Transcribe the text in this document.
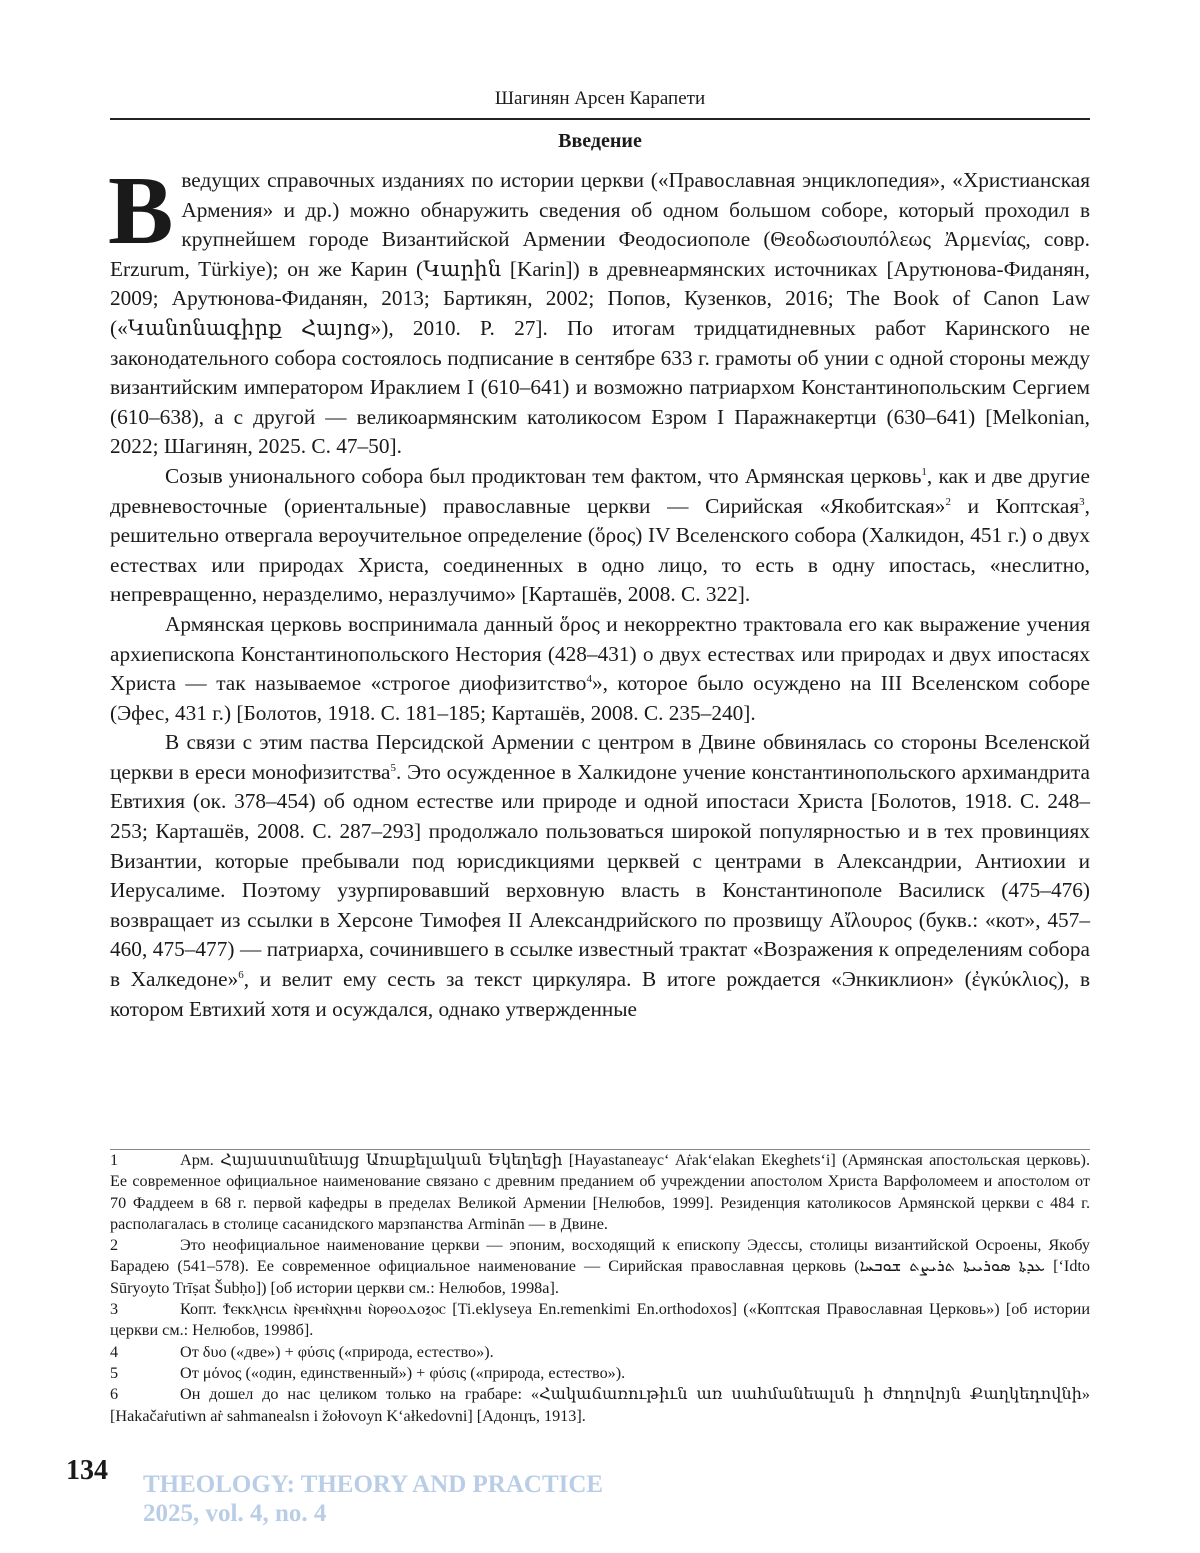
Шагинян Арсен Карапети
Введение

В ведущих справочных изданиях по истории церкви («Православная энциклопедия», «Христианская Армения» и др.) можно обнаружить сведения об одном большом соборе, который проходил в крупнейшем городе Византийской Армении Феодосиополе (Θεοδωσιουπόλεως Ἀρμενίας, совр. Erzurum, Türkiye); он же Карин (Կարին [Karin]) в древнеармянских источниках [Арутюнова-Фиданян, 2009; Арутюнова-Фиданян, 2013; Бартикян, 2002; Попов, Кузенков, 2016; The Book of Canon Law («Կանոնագիրք Հայոց»), 2010. P. 27]. По итогам тридцатидневных работ Каринского не законодательного собора состоялось подписание в сентябре 633 г. грамоты об унии с одной стороны между византийским императором Ираклием I (610–641) и возможно патриархом Константинопольским Сергием (610–638), а с другой — великоармянским католикосом Езром I Паражнакертци (630–641) [Melkonian, 2022; Шагинян, 2025. С. 47–50].

Созыв унионального собора был продиктован тем фактом, что Армянская церковь1, как и две другие древневосточные (ориентальные) православные церкви — Сирийская «Якобитская»2 и Коптская3, решительно отвергала вероучительное определение (ὅρος) IV Вселенского собора (Халкидон, 451 г.) о двух естествах или природах Христа, соединенных в одно лицо, то есть в одну ипостась, «неслитно, непревращенно, неразделимо, неразлучимо» [Карташёв, 2008. С. 322].

Армянская церковь воспринимала данный ὅρος и некорректно трактовала его как выражение учения архиепископа Константинопольского Нестория (428–431) о двух естествах или природах и двух ипостасях Христа — так называемое «строгое диофизитство4», которое было осуждено на III Вселенском соборе (Эфес, 431 г.) [Болотов, 1918. С. 181–185; Карташёв, 2008. С. 235–240].

В связи с этим паства Персидской Армении с центром в Двине обвинялась со стороны Вселенской церкви в ереси монофизитства5. Это осужденное в Халкидоне учение константинопольского архимандрита Евтихия (ок. 378–454) об одном естестве или природе и одной ипостаси Христа [Болотов, 1918. С. 248–253; Карташёв, 2008. С. 287–293] продолжало пользоваться широкой популярностью и в тех провинциях Византии, которые пребывали под юрисдикциями церквей с центрами в Александрии, Антиохии и Иерусалиме. Поэтому узурпировавший верховную власть в Константинополе Василиск (475–476) возвращает из ссылки в Херсоне Тимофея II Александрийского по прозвищу Αἴλουρος (букв.: «кот», 457–460, 475–477) — патриарха, сочинившего в ссылке известный трактат «Возражения к определениям собора в Халкедоне»6, и велит ему сесть за текст циркуляра. В итоге рождается «Энкиклион» (ἐγκύκλιος), в котором Евтихий хотя и осуждался, однако утвержденные

1	Арм. Հայաստանեայց Առաքելական Եկեղեցի [Hayastaneayc‘ Aṙak‘elakan Ekeghets‘i] (Армянская апостольская церковь). Ее современное официальное наименование связано с древним преданием об учреждении апостолом Христа Варфоломеем и апостолом от 70 Фаддеем в 68 г. первой кафедры в пределах Великой Армении [Нелюбов, 1999]. Резиденция католикосов Армянской церкви с 484 г. располагалась в столице сасанидского марзпанства Arminān — в Двине.

2	Это неофициальное наименование церкви — эпоним, восходящий к епископу Эдессы, столицы византийской Осроены, Якобу Барадею (541–578). Ее современное официальное наименование — Сирийская православная церковь (ܥܕܬܐ ܣܘܪܝܝܬܐ ܬܪܝܨܬ ܫܘܒܚܐ [‘Idto Sūryoyto Trīṣat Šubḥo]) [об истории церкви см.: Нелюбов, 1998а].

3	Копт. Ϯⲉⲕⲕⲗⲏⲥⲓⲁ ⲛ̀ⲣⲉⲙⲛ̀ⲭⲏⲙⲓ ⲛ̀ⲟⲣⲑⲟⲇⲟⲝⲟⲥ [Ti.eklyseya En.remenkimi En.orthodoxos] («Коптская Православная Церковь») [об истории церкви см.: Нелюбов, 1998б].

4	От δυο («две») + φύσις («природа, естество»).

5	От μόνος («один, единственный») + φύσις («природа, естество»).

6	Он дошел до нас целиком только на грабаре: «Հակաճառութիւն առ սահմանեալսն ի ժողովոյն Քաղկեդովնի» [Hakačaṙutiwn aṙ sahmanealsn i žołovoyn K‘ałkedovni] [Адонцъ, 1913].

134 THEOLOGY: THEORY AND PRACTICE
2025, vol. 4, no. 4
